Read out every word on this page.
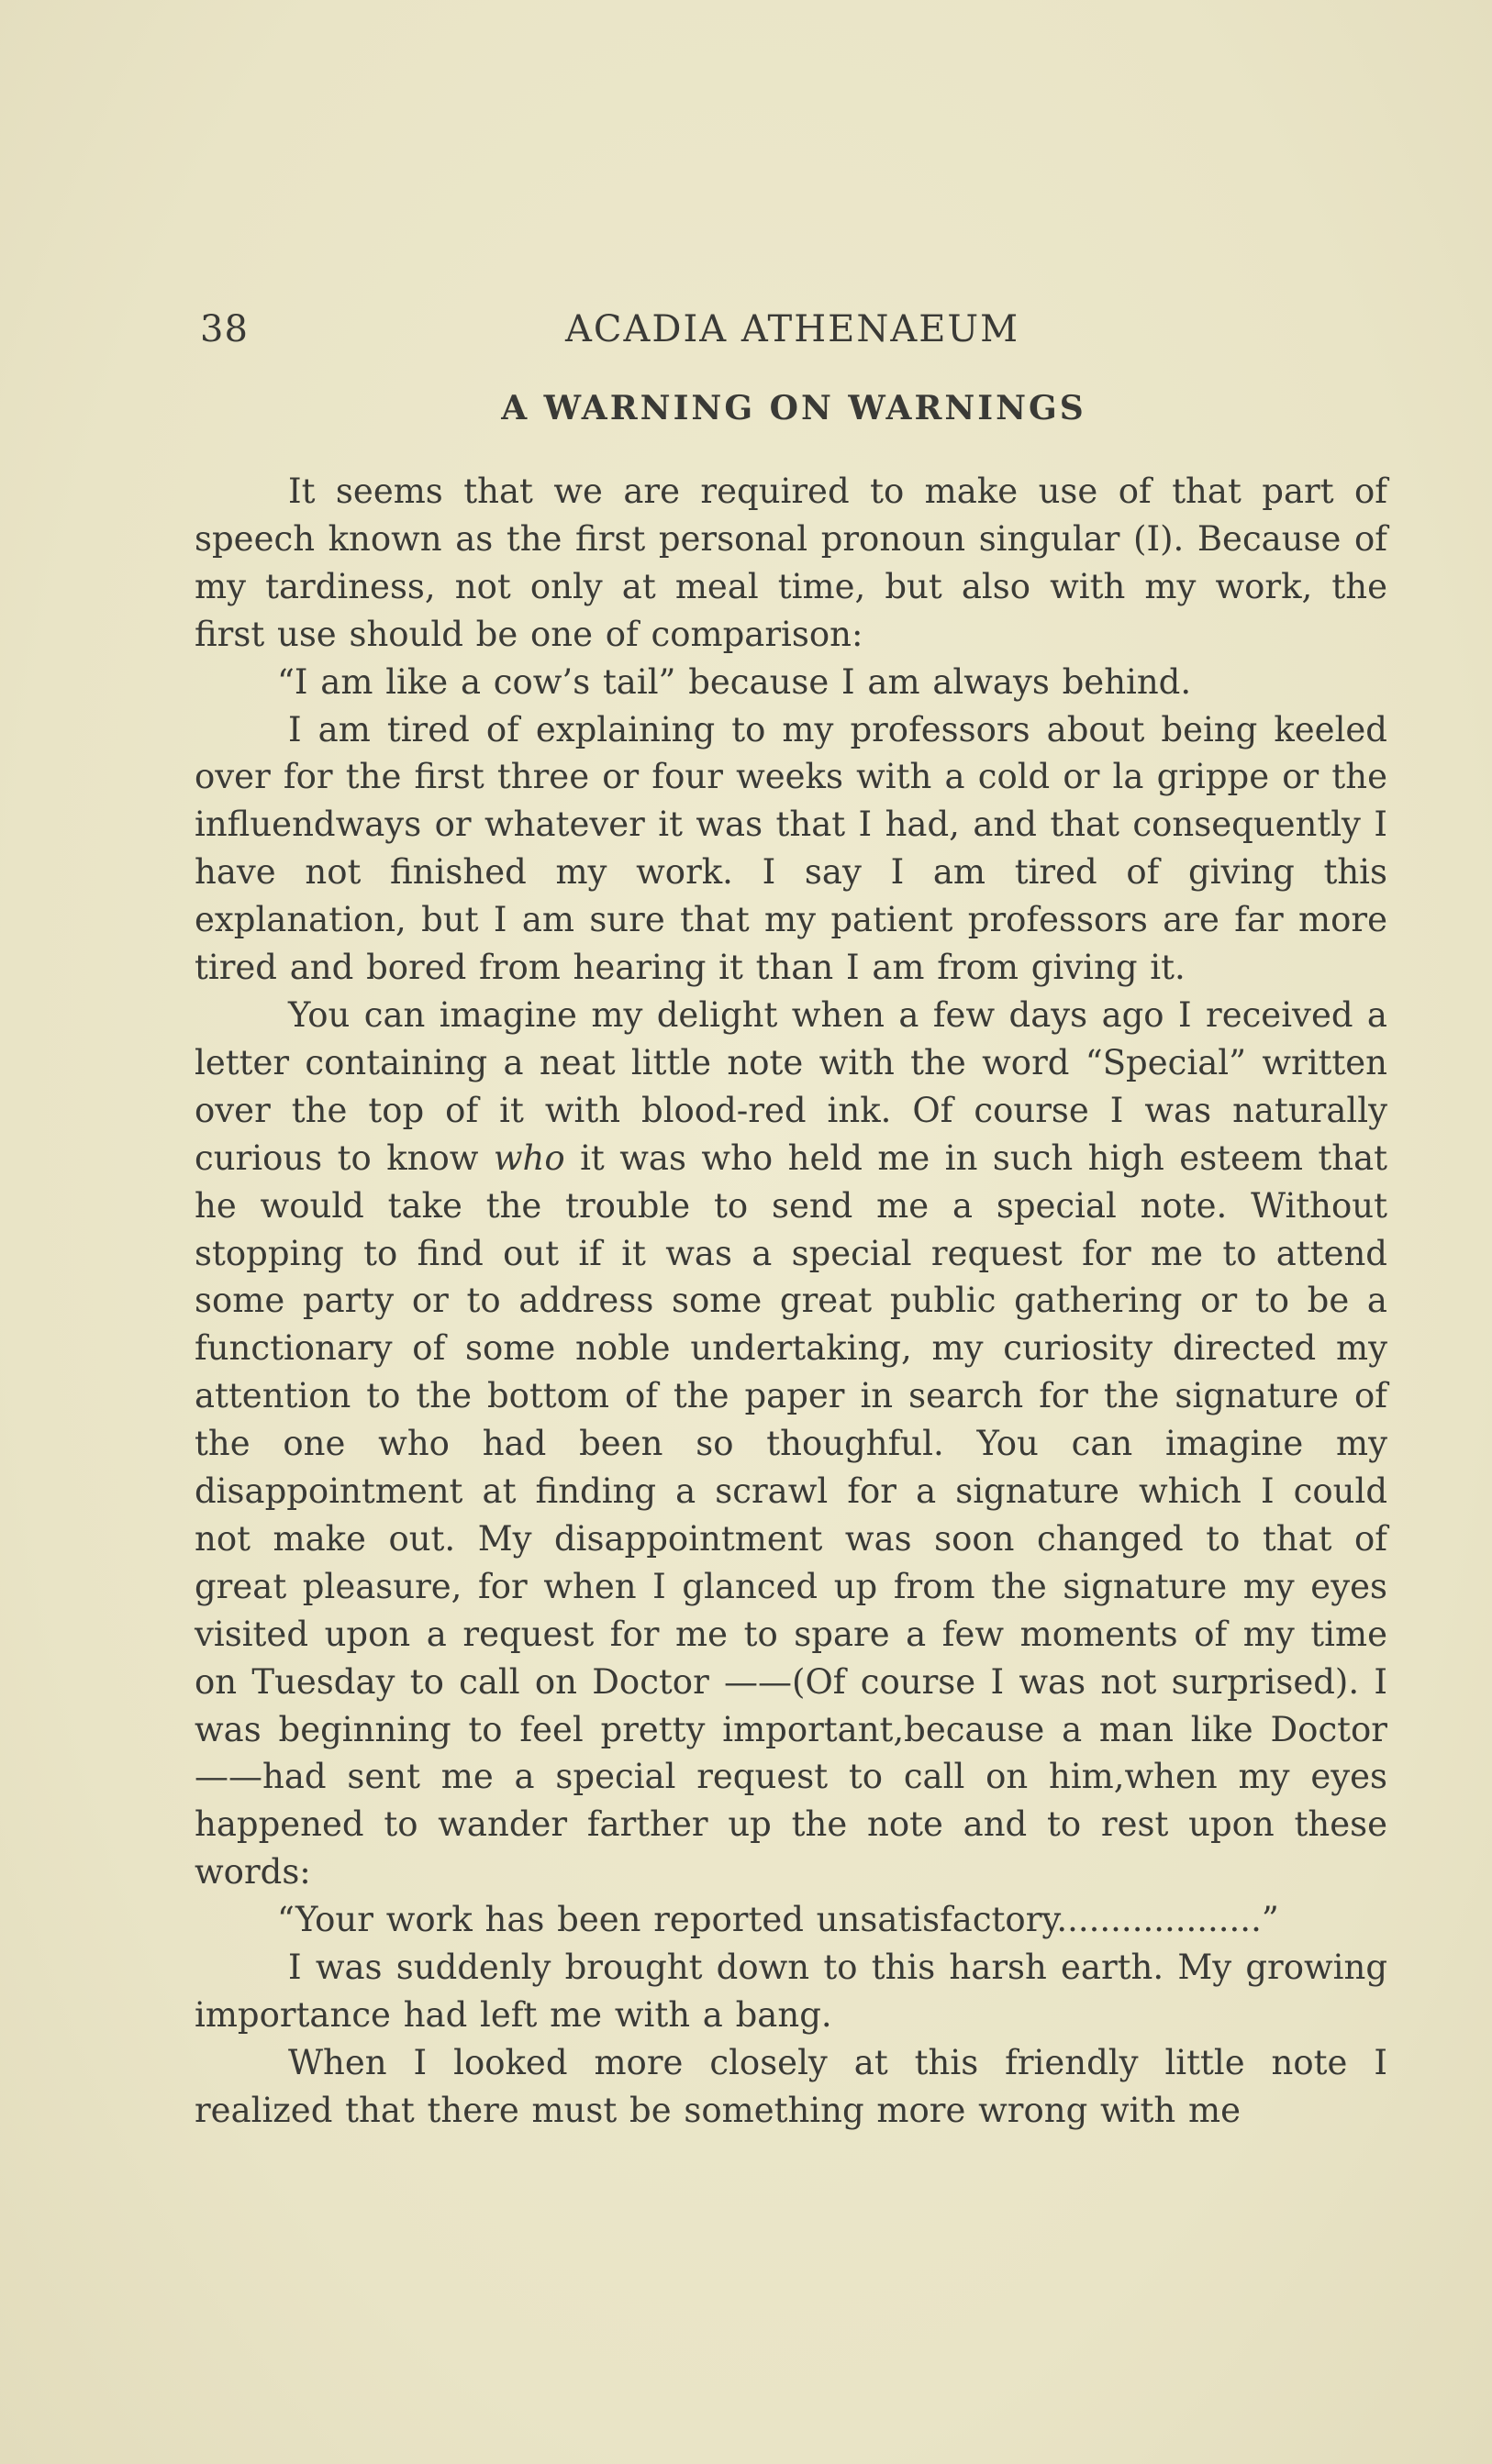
38	ACADIA ATHENAEUM
A WARNING ON WARNINGS

It seems that we are required to make use of that part of speech known as the first personal pronoun singular (I). Because of my tardiness, not only at meal time, but also with my work, the first use should be one of comparison:

“I am like a cow’s tail” because I am always behind.

I am tired of explaining to my professors about being keeled over for the first three or four weeks with a cold or la grippe or the influendways or whatever it was that I had, and that consequently I have not finished my work. I say I am tired of giving this explanation, but I am sure that my patient professors are far more tired and bored from hearing it than I am from giving it.

You can imagine my delight when a few days ago I received a letter containing a neat little note with the word “Special” written over the top of it with blood-red ink. Of course I was naturally curious to know who it was who held me in such high esteem that he would take the trouble to send me a special note. Without stopping to find out if it was a special request for me to attend some party or to address some great public gathering or to be a functionary of some noble undertaking, my curiosity directed my attention to the bottom of the paper in search for the signature of the one who had been so thoughful. You can imagine my disappointment at finding a scrawl for a signature which I could not make out. My disappointment was soon changed to that of great pleasure, for when I glanced up from the signature my eyes visited upon a request for me to spare a few moments of my time on Tuesday to call on Doctor ——(Of course I was not surprised). I was beginning to feel pretty important,because a man like Doctor——had sent me a special request to call on him,when my eyes happened to wander farther up the note and to rest upon these words:

“Your work has been reported unsatisfactory...................”

I was suddenly brought down to this harsh earth. My growing importance had left me with a bang.

When I looked more closely at this friendly little note I realized that there must be something more wrong with me
